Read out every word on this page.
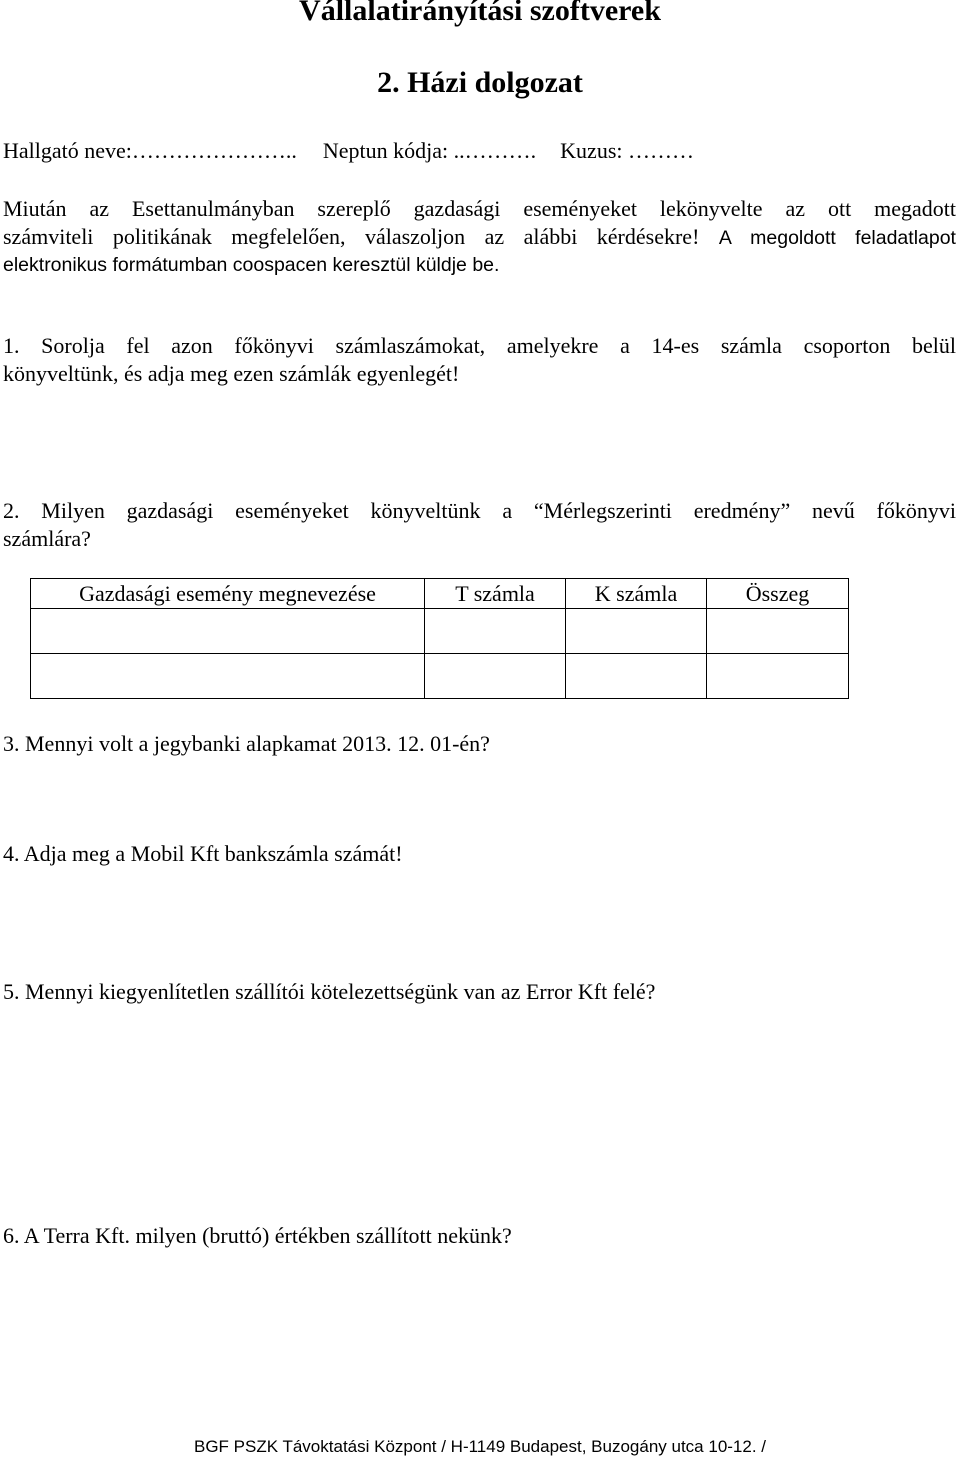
Vállalatirányítási szoftverek
2. Házi dolgozat
Hallgató neve:………………….. Neptun kódja: ..………. Kuzus: ………
Miután az Esettanulmányban szereplő gazdasági eseményeket lekönyvelte az ott megadott
számviteli politikának megfelelően, válaszoljon az alábbi kérdésekre! A megoldott feladatlapot
elektronikus formátumban coospacen keresztül küldje be.
1. Sorolja fel azon főkönyvi számlaszámokat, amelyekre a 14-es számla csoporton belül
könyveltünk, és adja meg ezen számlák egyenlegét!
2. Milyen gazdasági eseményeket könyveltünk a “Mérlegszerinti eredmény” nevű főkönyvi
számlára?
Gazdasági esemény megnevezése	T számla	K számla	Összeg

3. Mennyi volt a jegybanki alapkamat 2013. 12. 01-én?
4. Adja meg a Mobil Kft bankszámla számát!
5. Mennyi kiegyenlítetlen szállítói kötelezettségünk van az Error Kft felé?
6. A Terra Kft. milyen (bruttó) értékben szállított nekünk?
BGF PSZK Távoktatási Központ / H-1149 Budapest, Buzogány utca 10-12. /
